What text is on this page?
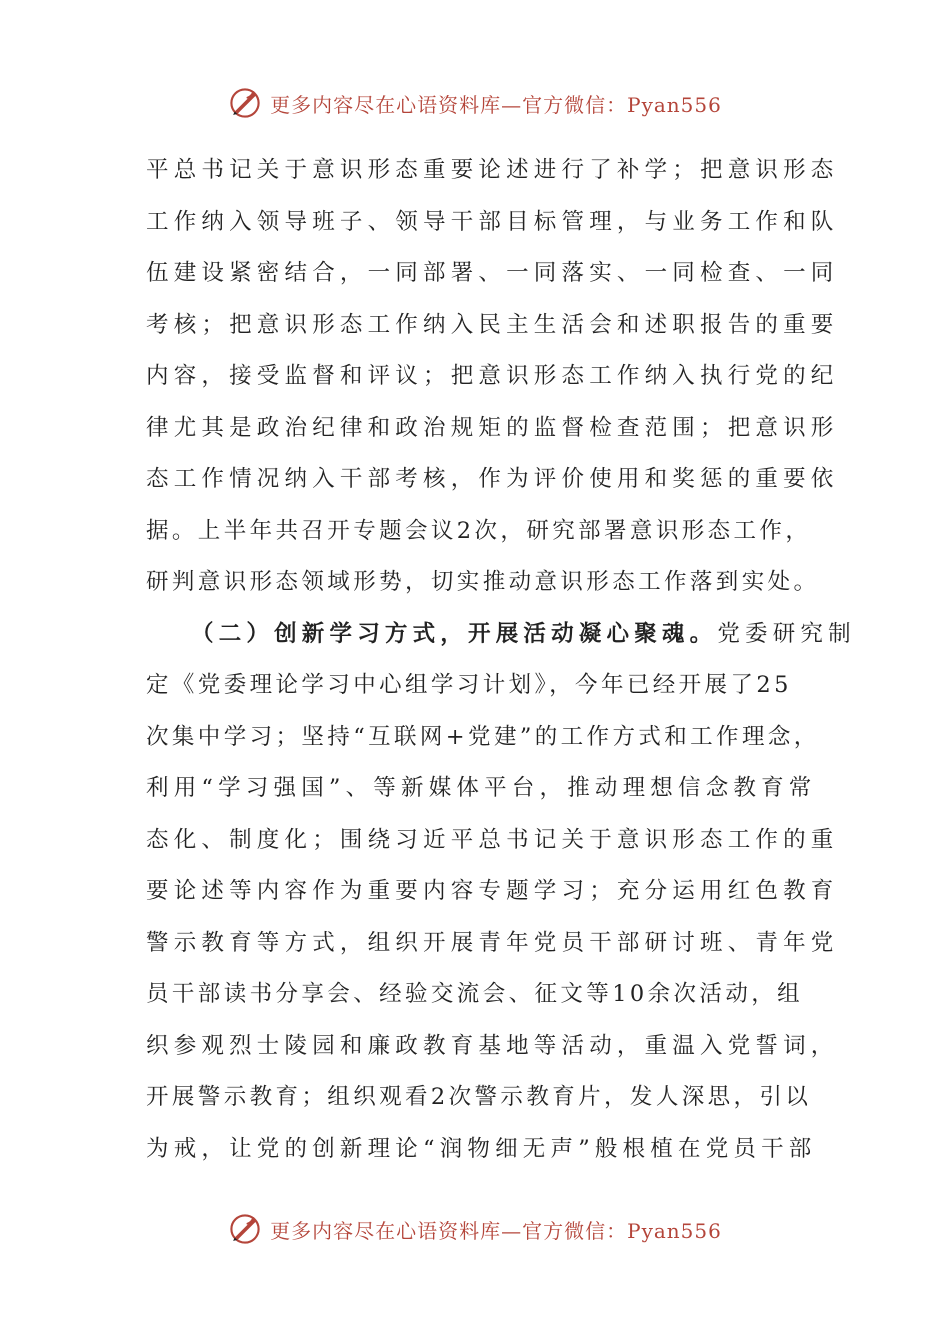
更多内容尽在心语资料库—官方微信：Pyan556
平总书记关于意识形态重要论述进行了补学；把意识形态
工作纳入领导班子、领导干部目标管理，与业务工作和队
伍建设紧密结合，一同部署、一同落实、一同检查、一同
考核；把意识形态工作纳入民主生活会和述职报告的重要
内容，接受监督和评议；把意识形态工作纳入执行党的纪
律尤其是政治纪律和政治规矩的监督检查范围；把意识形
态工作情况纳入干部考核，作为评价使用和奖惩的重要依
据。上半年共召开专题会议2次，研究部署意识形态工作，
研判意识形态领域形势，切实推动意识形态工作落到实处。
（二）创新学习方式，开展活动凝心聚魂。党委研究制
定《党委理论学习中心组学习计划》，今年已经开展了25
次集中学习；坚持“互联网+党建”的工作方式和工作理念，
利用“学习强国”、等新媒体平台，推动理想信念教育常
态化、制度化；围绕习近平总书记关于意识形态工作的重
要论述等内容作为重要内容专题学习；充分运用红色教育
警示教育等方式，组织开展青年党员干部研讨班、青年党
员干部读书分享会、经验交流会、征文等10余次活动，组
织参观烈士陵园和廉政教育基地等活动，重温入党誓词，
开展警示教育；组织观看2次警示教育片，发人深思，引以
为戒，让党的创新理论“润物细无声”般根植在党员干部
更多内容尽在心语资料库—官方微信：Pyan556
